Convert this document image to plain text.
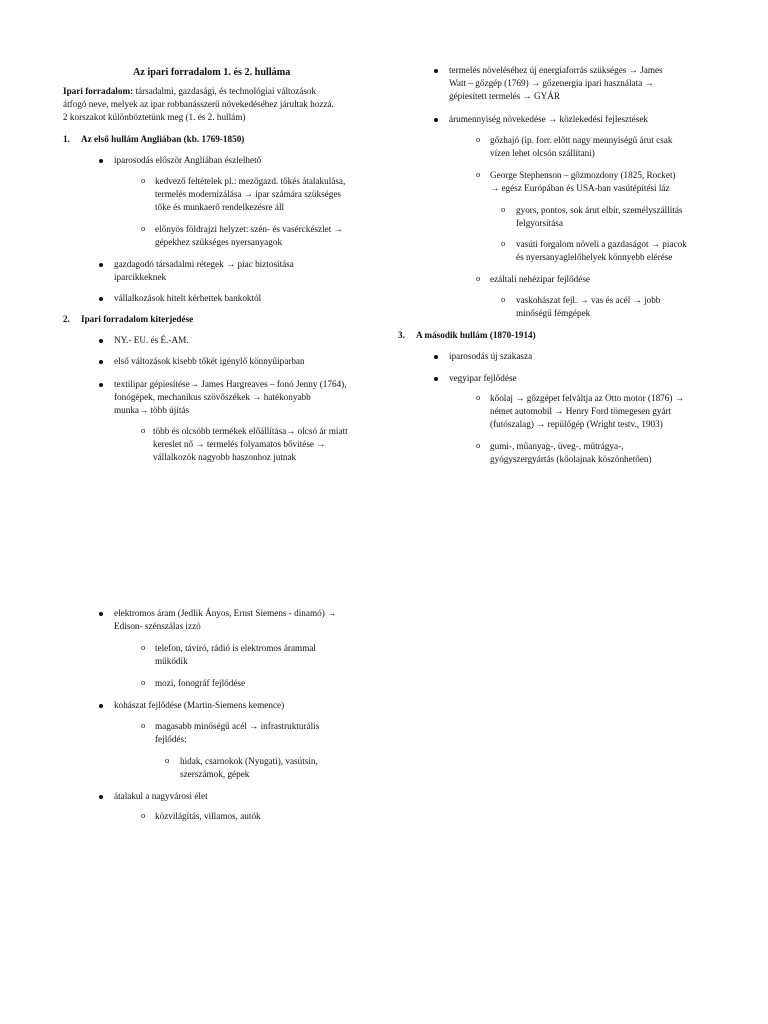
Az ipari forradalom 1. és 2. hulláma
Ipari forradalom: társadalmi, gazdasági, és technológiai változások
átfogó neve, melyek az ipar robbanásszerű növekedéséhez járultak hozzá.
2 korszakot különböztetünk meg (1. és 2. hullám)
1. Az első hullám Angliában (kb. 1769-1850)
iparosodás először Angliában észlelhető
o kedvező feltételek pl.: mezőgazd. tőkés átalakulása,
termelés modernizálása → ipar számára szükséges
tőke és munkaerő rendelkezésre áll
o előnyös földrajzi helyzet: szén- és vasérckészlet →
gépekhez szükséges nyersanyagok
gazdagodó társadalmi rétegek → piac biztosítása
iparcikkeknek
vállalkozások hitelt kérhettek bankoktól
2. Ipari forradalom kiterjedése
NY.- EU. és É.-AM.
első változások kisebb tőkét igénylő könnyűiparban
textilipar gépiesítése→ James Hargreaves – fonó Jenny (1764),
fonógépek, mechanikus szövőszékek → hatékonyabb
munka→ több újítás
o több és olcsóbb termékek előállítása→ olcsó ár miatt
kereslet nő → termelés folyamatos bővítése →
vállalkozók nagyobb haszonhoz jutnak
elektromos áram (Jedlik Ányos, Ernst Siemens - dinamó) →
Edison- szénszálas izzó
o telefon, távíró, rádió is elektromos árammal
működik
o mozi, fonográf fejlődése
kohászat fejlődése (Martin-Siemens kemence)
o magasabb minőségű acél → infrastrukturális
fejlődés:
o hidak, csarnokok (Nyugati), vasútsín,
szerszámok, gépek
átalakul a nagyvárosi élet
o közvilágítás, villamos, autók
termelés növeléséhez új energiaforrás szükséges → James
Watt – gőzgép (1769) → gőzenergia ipari használata →
gépiesített termelés → GYÁR
árumennyiség növekedése → közlekedési fejlesztések
o gőzhajó (ip. forr. előtt nagy mennyiségű árut csak
vízen lehet olcsón szállítani)
o George Stephenson – gőzmozdony (1825, Rocket)
→ egész Európában és USA-ban vasútépítési láz
o gyors, pontos, sok árut elbír, személyszállítás
felgyorsítása
o vasúti forgalom növeli a gazdaságot → piacok
és nyersanyaglelőhelyek könnyebb elérése
o ezáltali nehézipar fejlődése
o vaskohászat fejl. → vas és acél → jobb
minőségű fémgépek
3. A második hullám (1870-1914)
iparosodás új szakasza
vegyipar fejlődése
o kőolaj → gőzgépet felváltja az Otto motor (1876) →
német automobil → Henry Ford tömegesen gyárt
(futószalag) → repülőgép (Wright testv., 1903)
o gumi-, műanyag-, üveg-, műtrágya-,
gyógyszergyártás (kőolajnak köszönhetően)
